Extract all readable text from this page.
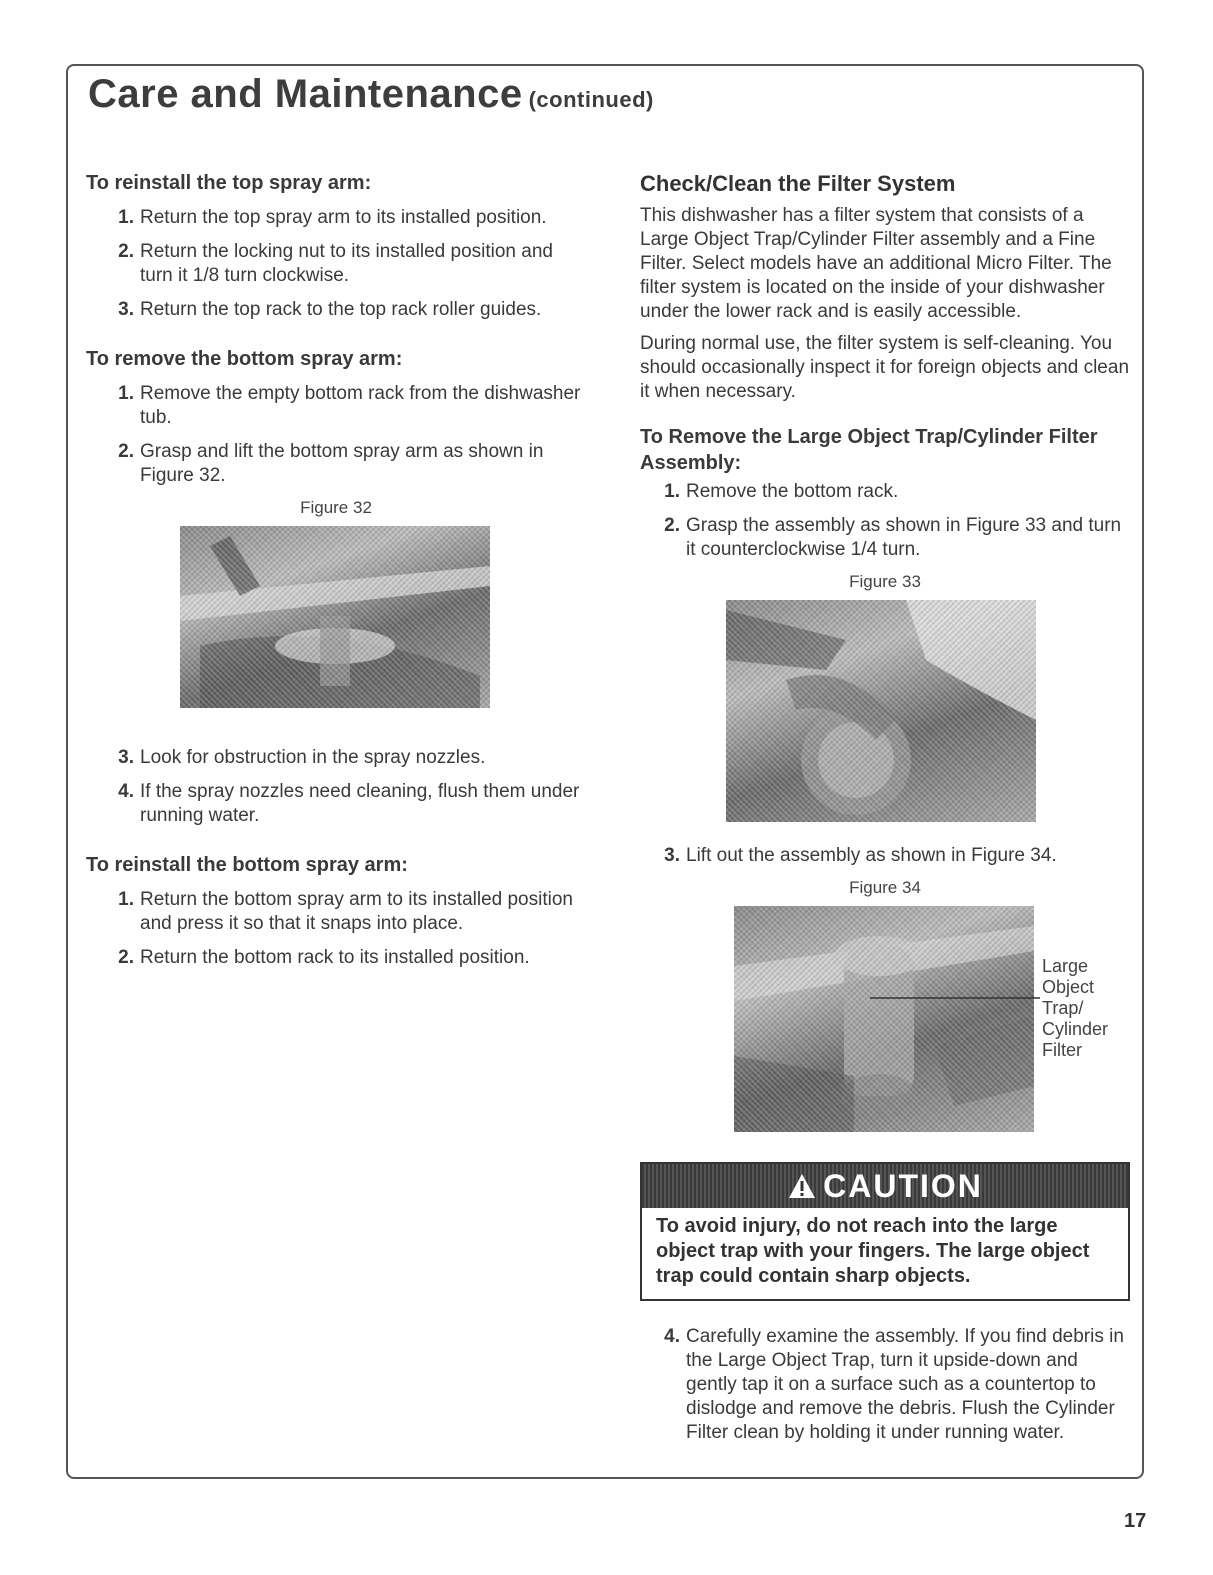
Care and Maintenance (continued)
To reinstall the top spray arm:
1. Return the top spray arm to its installed position.
2. Return the locking nut to its installed position and turn it 1/8 turn clockwise.
3. Return the top rack to the top rack roller guides.
To remove the bottom spray arm:
1. Remove the empty bottom rack from the dishwasher tub.
2. Grasp and lift the bottom spray arm as shown in Figure 32.
Figure 32
3. Look for obstruction in the spray nozzles.
4. If the spray nozzles need cleaning, flush them under running water.
To reinstall the bottom spray arm:
1. Return the bottom spray arm to its installed position and press it so that it snaps into place.
2. Return the bottom rack to its installed position.
Check/Clean the Filter System

This dishwasher has a filter system that consists of a Large Object Trap/Cylinder Filter assembly and a Fine Filter. Select models have an additional Micro Filter. The filter system is located on the inside of your dishwasher under the lower rack and is easily accessible.

During normal use, the filter system is self-cleaning. You should occasionally inspect it for foreign objects and clean it when necessary.

To Remove the Large Object Trap/Cylinder Filter Assembly:
1. Remove the bottom rack.
2. Grasp the assembly as shown in Figure 33 and turn it counterclockwise 1/4 turn.
Figure 33
3. Lift out the assembly as shown in Figure 34.
Figure 34
Large
Object
Trap/
Cylinder
Filter
CAUTION
To avoid injury, do not reach into the large object trap with your fingers. The large object trap could contain sharp objects.
4. Carefully examine the assembly. If you find debris in the Large Object Trap, turn it upside-down and gently tap it on a surface such as a countertop to dislodge and remove the debris. Flush the Cylinder Filter clean by holding it under running water.
17
